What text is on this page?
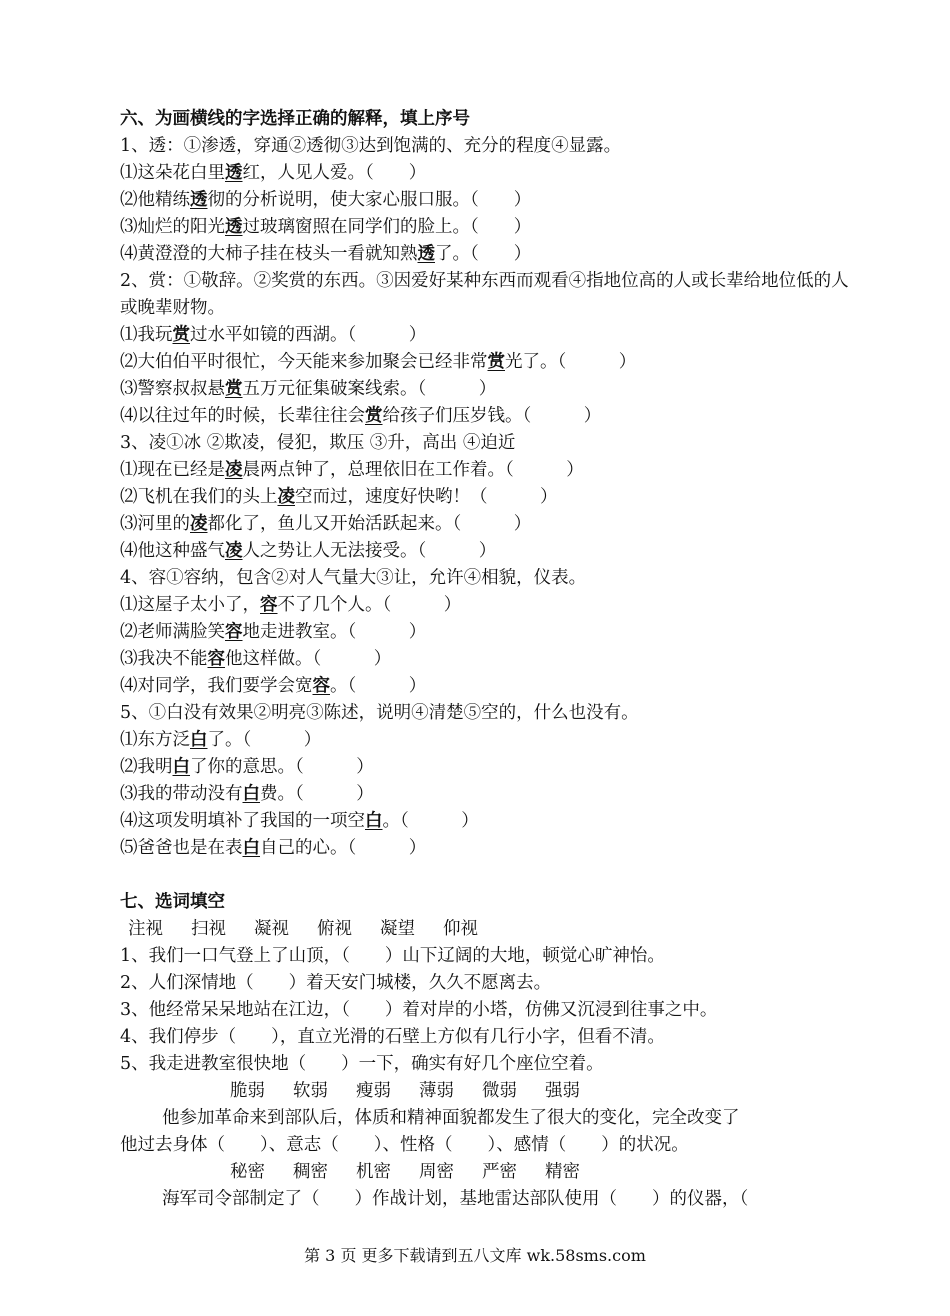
六、为画横线的字选择正确的解释，填上序号
1、透：①渗透，穿通②透彻③达到饱满的、充分的程度④显露。
⑴这朵花白里透红，人见人爱。（　　）
⑵他精练透彻的分析说明，使大家心服口服。（　　）
⑶灿烂的阳光透过玻璃窗照在同学们的脸上。（　　）
⑷黄澄澄的大柿子挂在枝头一看就知熟透了。（　　）
2、赏：①敬辞。②奖赏的东西。③因爱好某种东西而观看④指地位高的人或长辈给地位低的人或晚辈财物。
⑴我玩赏过水平如镜的西湖。（　　　）
⑵大伯伯平时很忙，今天能来参加聚会已经非常赏光了。（　　　）
⑶警察叔叔悬赏五万元征集破案线索。（　　　）
⑷以往过年的时候，长辈往往会赏给孩子们压岁钱。（　　　）
3、凌①冰 ②欺凌，侵犯，欺压 ③升，高出 ④迫近
⑴现在已经是凌晨两点钟了，总理依旧在工作着。（　　　）
⑵飞机在我们的头上凌空而过，速度好快哟！（　　　）
⑶河里的凌都化了，鱼儿又开始活跃起来。（　　　）
⑷他这种盛气凌人之势让人无法接受。（　　　）
4、容①容纳，包含②对人气量大③让，允许④相貌，仪表。
⑴这屋子太小了，容不了几个人。（　　　）
⑵老师满脸笑容地走进教室。（　　　）
⑶我决不能容他这样做。（　　　）
⑷对同学，我们要学会宽容。（　　　）
5、①白没有效果②明亮③陈述，说明④清楚⑤空的，什么也没有。
⑴东方泛白了。（　　　）
⑵我明白了你的意思。（　　　）
⑶我的带动没有白费。（　　　）
⑷这项发明填补了我国的一项空白。（　　　）
⑸爸爸也是在表白自己的心。（　　　）
七、选词填空
注视 扫视 凝视 俯视 凝望 仰视
1、我们一口气登上了山顶，（　　）山下辽阔的大地，顿觉心旷神怡。
2、人们深情地（　　）着天安门城楼，久久不愿离去。
3、他经常呆呆地站在江边，（　　）着对岸的小塔，仿佛又沉浸到往事之中。
4、我们停步（　　），直立光滑的石壁上方似有几行小字，但看不清。
5、我走进教室很快地（　　）一下，确实有好几个座位空着。
脆弱 软弱 瘦弱 薄弱 微弱 强弱
他参加革命来到部队后，体质和精神面貌都发生了很大的变化，完全改变了
他过去身体（　　）、意志（　　）、性格（　　）、感情（　　）的状况。
秘密 稠密 机密 周密 严密 精密
海军司令部制定了（　　）作战计划，基地雷达部队使用（　　）的仪器，（
第 3 页 更多下载请到五八文库 wk.58sms.com
